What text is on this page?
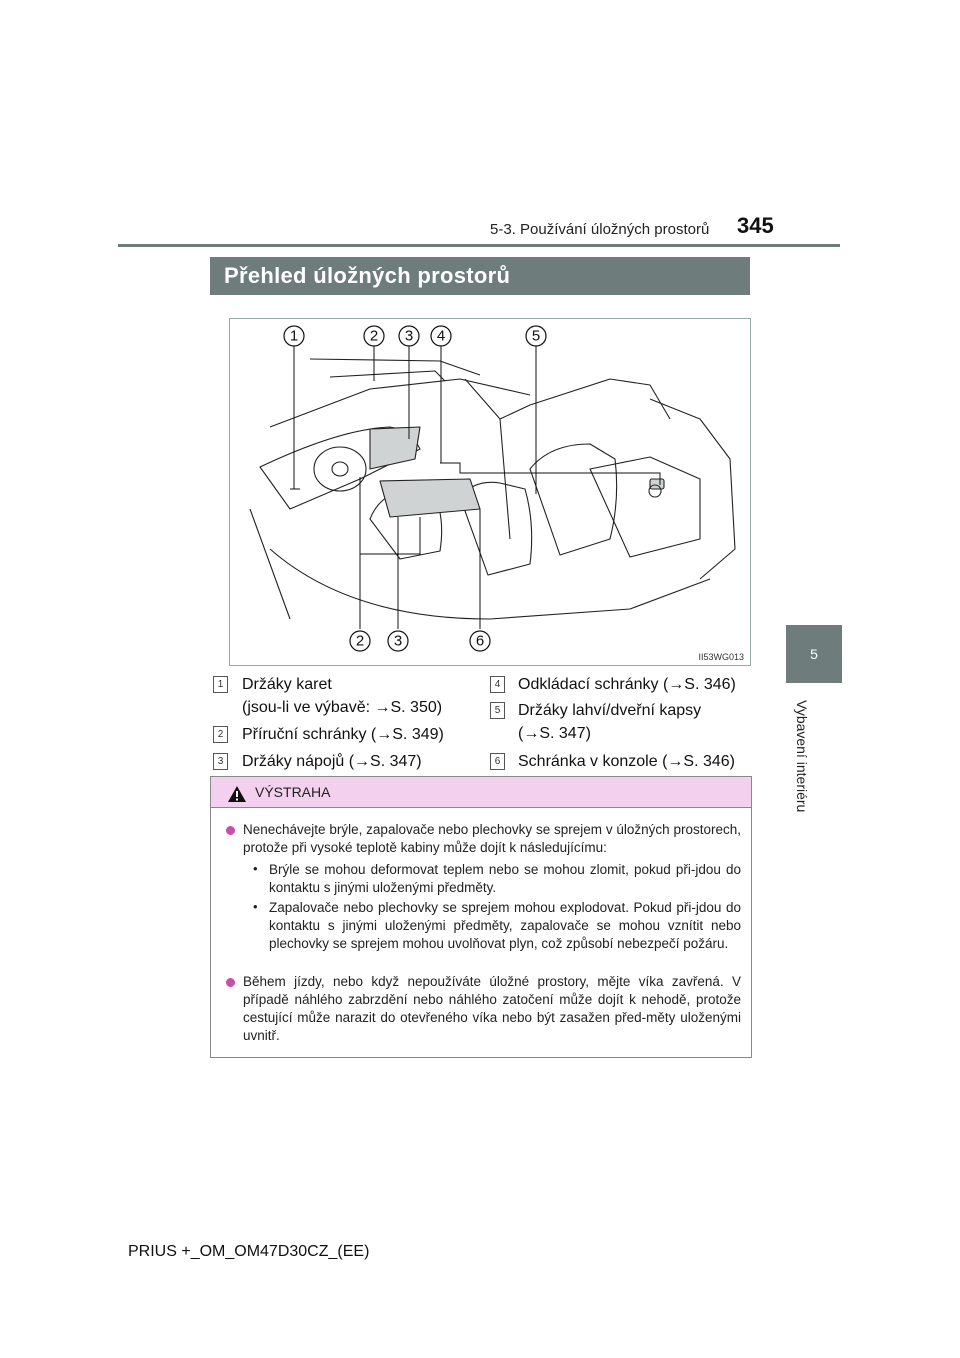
5-3. Používání úložných prostorů 345
5
Vybavení interiéru
Přehled úložných prostorů
1	2 3 4	5
2 3	6
II53WG013
1 Držáky karet
(jsou-li ve výbavě: →S. 350)
2 Příruční schránky (→S. 349)
3 Držáky nápojů (→S. 347)
4 Odkládací schránky (→S. 346)
5 Držáky lahví/dveřní kapsy
(→S. 347)
6 Schránka v konzole (→S. 346)
VÝSTRAHA
Nenechávejte brýle, zapalovače nebo plechovky se sprejem v úložných prostorech, protože při vysoké teplotě kabiny může dojít k následujícímu:
• Brýle se mohou deformovat teplem nebo se mohou zlomit, pokud při-jdou do kontaktu s jinými uloženými předměty.
• Zapalovače nebo plechovky se sprejem mohou explodovat. Pokud při-jdou do kontaktu s jinými uloženými předměty, zapalovače se mohou vznítit nebo plechovky se sprejem mohou uvolňovat plyn, což způsobí nebezpečí požáru.
Během jízdy, nebo když nepoužíváte úložné prostory, mějte víka zavřená. V případě náhlého zabrzdění nebo náhlého zatočení může dojít k nehodě, protože cestující může narazit do otevřeného víka nebo být zasažen před-měty uloženými uvnitř.
PRIUS +_OM_OM47D30CZ_(EE)
